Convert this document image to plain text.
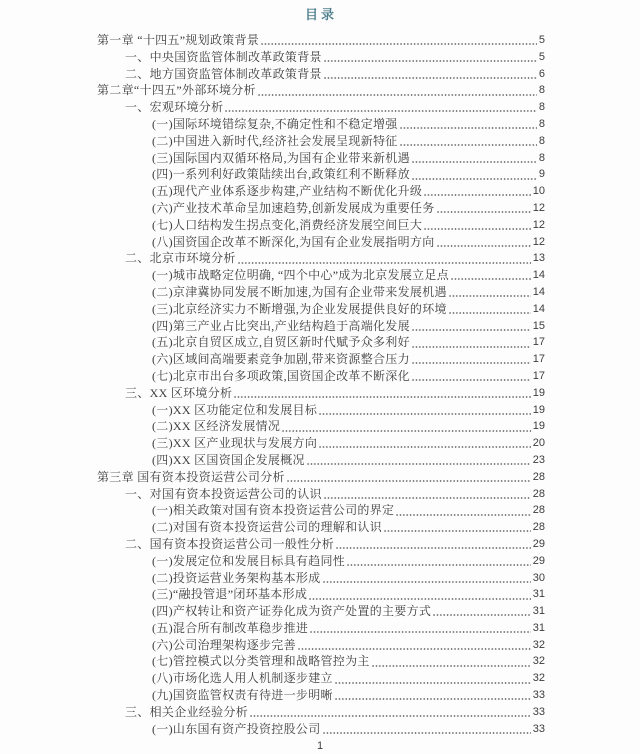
目录
第一章 “十四五”规划政策背景	5
一、中央国资监管体制改革政策背景	5
二、地方国资监管体制改革政策背景	6
第二章“十四五”外部环境分析	8
一、宏观环境分析	8
(一)国际环境错综复杂,不确定性和不稳定增强	8
(二)中国进入新时代,经济社会发展呈现新特征	8
(三)国际国内双循环格局,为国有企业带来新机遇	8
(四)一系列利好政策陆续出台,政策红利不断释放	9
(五)现代产业体系逐步构建,产业结构不断优化升级	10
(六)产业技术革命呈加速趋势,创新发展成为重要任务	12
(七)人口结构发生拐点变化,消费经济发展空间巨大	12
(八)国资国企改革不断深化,为国有企业发展指明方向	12
二、北京市环境分析	13
(一)城市战略定位明确, “四个中心”成为北京发展立足点	14
(二)京津冀协同发展不断加速,为国有企业带来发展机遇	14
(三)北京经济实力不断增强,为企业发展提供良好的环境	14
(四)第三产业占比突出,产业结构趋于高端化发展	15
(五)北京自贸区成立,自贸区新时代赋予众多利好	17
(六)区域间高端要素竞争加剧,带来资源整合压力	17
(七)北京市出台多项政策,国资国企改革不断深化	17
三、XX 区环境分析	19
(一)XX 区功能定位和发展目标	19
(二)XX 区经济发展情况	19
(三)XX 区产业现状与发展方向	20
(四)XX 区国资国企发展概况	23
第三章 国有资本投资运营公司分析	28
一、对国有资本投资运营公司的认识	28
(一)相关政策对国有资本投资运营公司的界定	28
(二)对国有资本投资运营公司的理解和认识	28
二、国有资本投资运营公司一般性分析	29
(一)发展定位和发展目标具有趋同性	29
(二)投资运营业务架构基本形成	30
(三)“融投管退”闭环基本形成	31
(四)产权转让和资产证券化成为资产处置的主要方式	31
(五)混合所有制改革稳步推进	31
(六)公司治理架构逐步完善	32
(七)管控模式以分类管理和战略管控为主	32
(八)市场化选人用人机制逐步建立	32
(九)国资监管权责有待进一步明晰	33
三、相关企业经验分析	33
(一)山东国有资产投资控股公司	33
1
